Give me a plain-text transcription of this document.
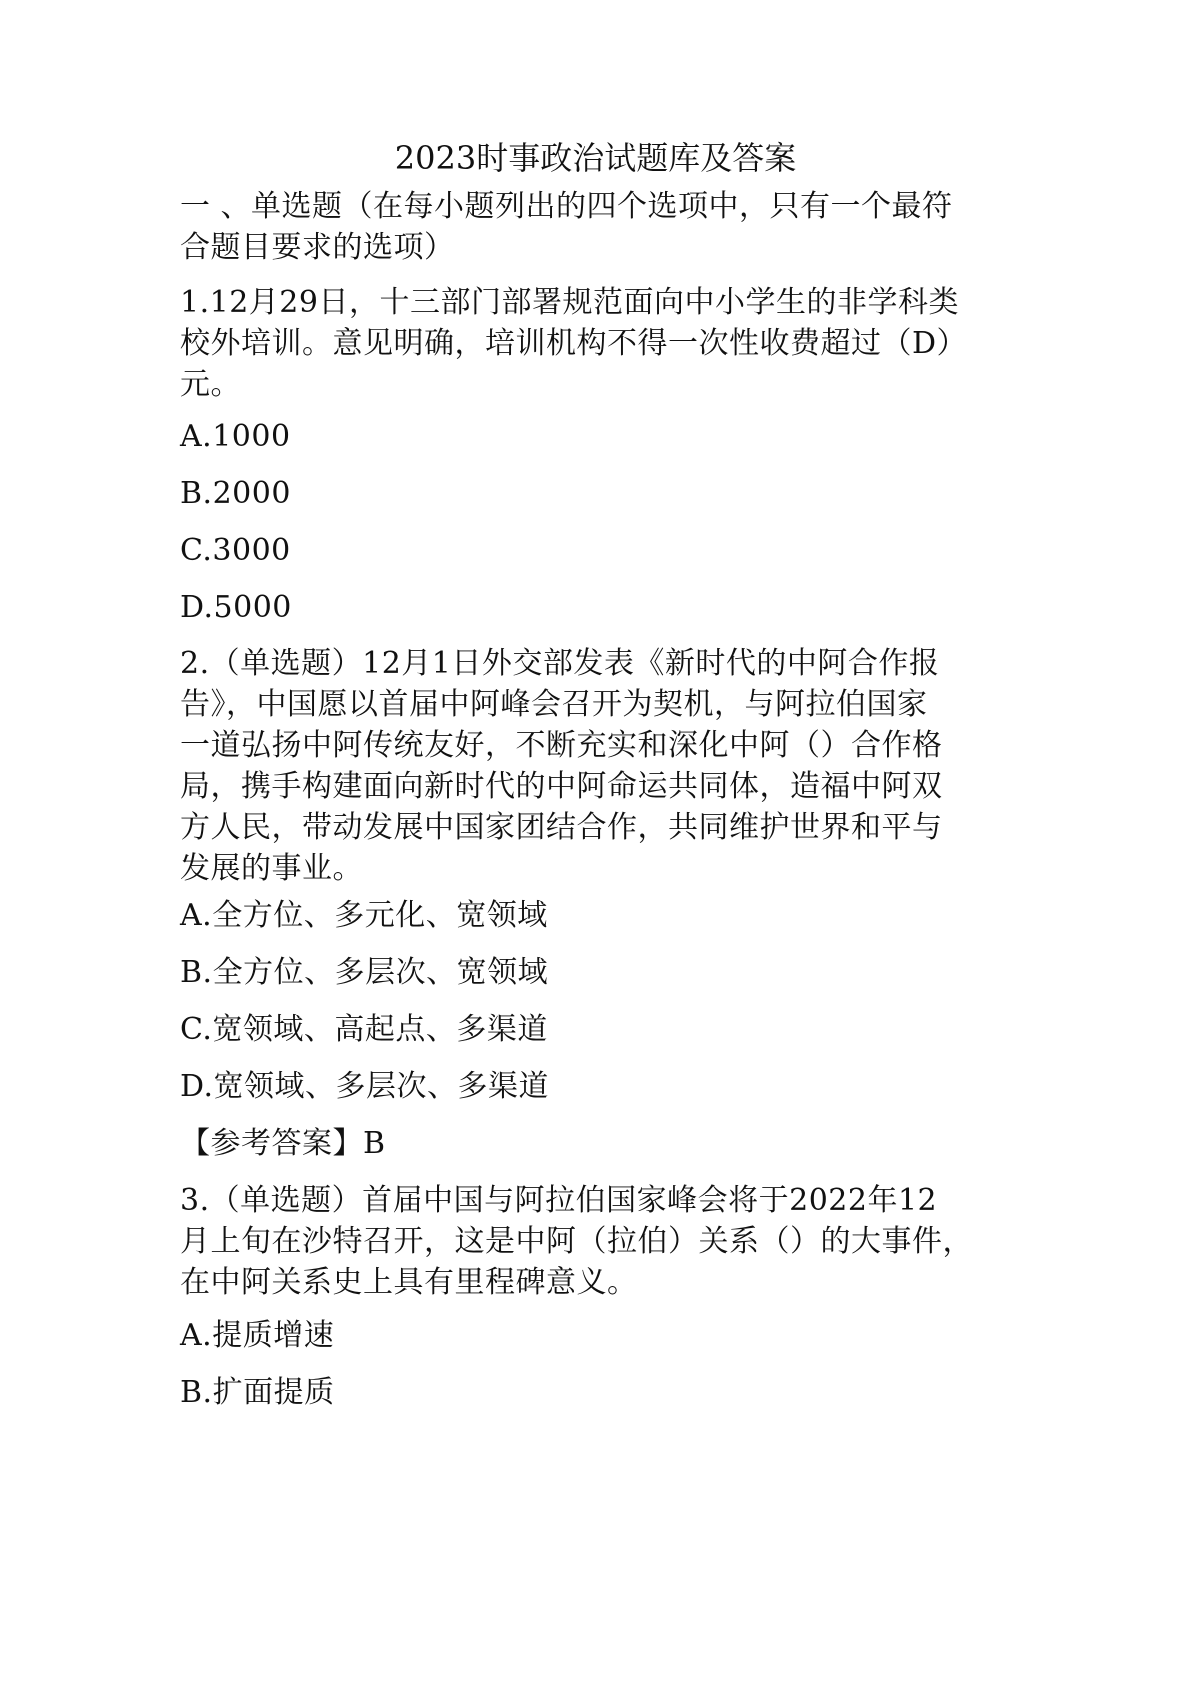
2023时事政治试题库及答案
一 、单选题（在每小题列出的四个选项中，只有一个最符
合题目要求的选项）
1.12月29日，十三部门部署规范面向中小学生的非学科类
校外培训。意见明确，培训机构不得一次性收费超过（D）
元。
A.1000
B.2000
C.3000
D.5000
2.（单选题）12月1日外交部发表《新时代的中阿合作报
告》，中国愿以首届中阿峰会召开为契机，与阿拉伯国家
一道弘扬中阿传统友好，不断充实和深化中阿（）合作格
局，携手构建面向新时代的中阿命运共同体，造福中阿双
方人民，带动发展中国家团结合作，共同维护世界和平与
发展的事业。
A.全方位、多元化、宽领域
B.全方位、多层次、宽领域
C.宽领域、高起点、多渠道
D.宽领域、多层次、多渠道
【参考答案】B
3.（单选题）首届中国与阿拉伯国家峰会将于2022年12
月上旬在沙特召开，这是中阿（拉伯）关系（）的大事件，
在中阿关系史上具有里程碑意义。
A.提质增速
B.扩面提质
